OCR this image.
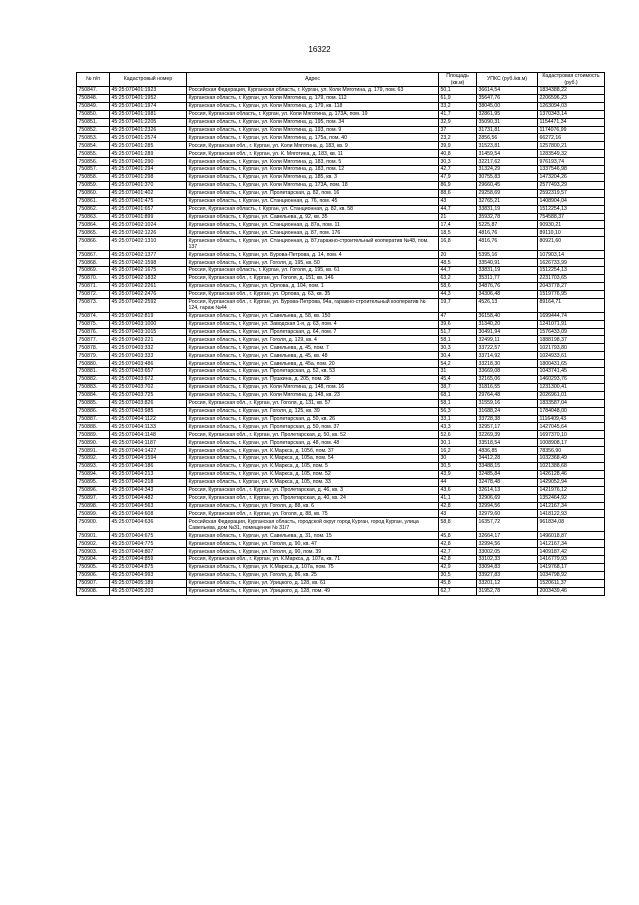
16322
№ п/п	Кадастровый номер	Адрес	Площадь (кв.м)	УПКС (руб./кв.м)	Кадастровая стоимость (руб.)
750847.	45:25:070401:1923	Российская Федерация, Курганская область, г. Курган, ул. Коли Мяготина, д. 179, пом. 63	50,1	36614,54	1834388,22
750848.	45:25:070401:1952	Курганская область, г. Курган, ул. Коли Мяготина, д. 179, пом. 112	61,9	35647,76	2206596,23
750849.	45:25:070401:1974	Курганская область, г. Курган, ул. Коли Мяготина, д. 179, кв. 118	33,2	38045,00	1263094,03
750850.	45:25:070401:1981	Россия, Курганская область, г. Курган, ул. Коли Мяготина, д. 173А, пом. 19	41,7	32861,95	1370343,14
750851.	45:25:070401:2205	Курганская область, г. Курган, ул. Коли Мяготина, д. 195, пом. 34	32,9	35090,31	1154471,34
750852.	45:25:070401:2326	Курганская область, г. Курган, ул. Коли Мяготина, д. 193, пом. 9	37	31731,81	1174076,99
750853.	45:25:070401:2574	Курганская область, г. Курган, ул. Коли Мяготина, д. 175а, пом. 40	23,2	2856,56	66272,16
750854.	45:25:070401:285	Россия, Курганская обл., г. Курган, ул. Коли Мяготина, д. 183, кв. 9	39,9	31523,81	1257800,21
750855.	45:25:070401:289	Россия, Курганская обл., г. Курган, ул. К. Мяготина, д. 183, кв. 11	40,8	31459,54	1283549,32
750856.	45:25:070401:290	Курганская область, г. Курган, ул. Коли Мяготина, д. 183, пом. 5	30,3	32217,62	976193,74
750857.	45:25:070401:294	Курганская область, г. Курган, ул. Коли Мяготина, д. 183, пом. 12	42,7	31324,29	1337546,98
750858.	45:25:070401:298	Курганская область, г. Курган, ул. Коли Мяготина, д. 185, кв. 3	47,9	30755,83	1473204,26
750859.	45:25:070401:370	Курганская область, г. Курган, ул. Коли Мяготина, д. 173А, пом. 18	86,9	29660,45	2577493,29
750860.	45:25:070401:402	Курганская область, г. Курган, ул. Пролетарская, д. 82, пом. 16	88,6	29258,69	2592319,57
750861.	45:25:070401:475	Курганская область, г. Курган, ул. Станционная, д. 76, пом. 45	43	32765,21	1408904,04
750862.	45:25:070401:657	Россия, Курганская область, г. Курган, ул. Станционная, д. 82, кв. 58	44,7	33831,19	1512254,13
750863.	45:25:070401:899	Курганская область, г. Курган, ул. Савельева, д. 92, кв. 35	21	35932,78	754588,37
750864.	45:25:070402:1024	Курганская область, г. Курган, ул. Станционная, д. 87а, пом. 11	17,4	5225,87	90930,21
750865.	45:25:070402:1226	Курганская область, г. Курган, ул. Станционная, д. 87, пом. 176	18,5	4816,76	89110,10
750866.	45:25:070402:1310	Курганская область, г. Курган, ул. Станционная, д. 87,гаражно-строительный кооператив №48, пом. 137	16,8	4816,76	80921,60
750867.	45:25:070402:1377	Курганская область, г. Курган, ул. Бурова-Петрова, д. 14, пом. 4	20	5395,16	107903,14
750868.	45:25:070402:1598	Курганская область, г. Курган, ул. Гоголя, д. 195, кв. 50	48,5	33540,91	1626733,99
750869.	45:25:070402:1675	Россия, Курганская область, г. Курган, ул. Гоголя, д. 195, кв. 61	44,7	33831,19	1512254,13
750870.	45:25:070402:1832	Россия, Курганская обл., г. Курган, ул. Гоголя, д. 151, кв. 146	63,2	35311,77	2231703,65
750871.	45:25:070402:2261	Курганская область, г. Курган, ул. Орлова, д. 104, пом. 1	58,6	34876,76	2043778,27
750872.	45:25:070402:2476	Россия, Курганская обл., г. Курган, ул. Орлова, д. 63, кв. 35	44,3	34306,48	1519776,95
750873.	45:25:070402:2592	Россия, Курганская обл., г. Курган, ул. Бурова-Петрова, 94а, гаражно-строительный кооператив № 124, гараж №44	19,7	4526,13	89164,71
750874.	45:25:070402:819	Курганская область, г. Курган, ул. Савельева, д. 58, кв. 150	47	36158,40	1699444,74
750875.	45:25:070403:1000	Курганская область, г. Курган, ул. Заводская 1-я, д. 63, пом. 4	39,6	31340,20	1241071,91
750876.	45:25:070403:1015	Курганская область, г. Курган, ул. Пролетарская, д. 64, пом. 7	51,7	30491,94	1576433,09
750877.	45:25:070403:221	Курганская область, г. Курган, ул. Гоголя, д. 129, кв. 4	58,1	32499,11	1888198,37
750878.	45:25:070403:332	Курганская область, г. Курган, ул. Савельева, д. 45, пом. 7	30,3	33722,57	1021793,80
750879.	45:25:070403:333	Курганская область, г. Курган, ул. Савельева, д. 45, кв. 48	30,4	33714,92	1024933,61
750880.	45:25:070403:486	Курганская область, г. Курган, ул. Савельева, д. 45а, пом. 20	54,2	33218,30	1800431,65
750881.	45:25:070403:657	Курганская область, г. Курган, ул. Пролетарская, д. 52, кв. 53	31	33669,08	1043741,45
750882.	45:25:070403:672	Курганская область, г. Курган, ул. Пушкина, д. 205, пом. 28	45,4	32165,06	1460293,76
750883.	45:25:070403:702	Курганская область, г. Курган, ул. Коли Мяготина, д. 148, пом. 16	38,7	31816,55	1231300,41
750884.	45:25:070403:725	Курганская область, г. Курган, ул. Коли Мяготина, д. 148, кв. 23	68,1	29764,48	2026961,01
750885.	45:25:070403:826	Россия, Курганская обл., г. Курган, ул. Гоголя, д. 131, кв. 57	58,1	31559,16	1833587,04
750886.	45:25:070403:985	Курганская область, г. Курган, ул. Гоголя, д. 125, кв. 39	56,3	31688,24	1784048,00
750887.	45:25:070404:1122	Курганская область, г. Курган, ул. Пролетарская, д. 50, кв. 26	33,1	33728,38	1116409,43
750888.	45:25:070404:1133	Курганская область, г. Курган, ул. Пролетарская, д. 50, пом. 37	43,3	32957,17	1427045,64
750889.	45:25:070404:1148	Россия, Курганская обл., г. Курган, ул. Пролетарская, д. 50, кв. 52	52,6	32269,39	1697370,10
750890.	45:25:070404:1187	Курганская область, г. Курган, ул. Пролетарская, д. 48, пом. 48	30,1	33518,54	1008908,17
750891.	45:25:070404:1427	Курганская область, г. Курган, ул. К.Маркса, д. 105б, пом. 37	16,2	4836,85	78356,90
750892.	45:25:070404:1594	Курганская область, г. Курган, ул. К.Маркса, д. 105а, пом. 54	30	34412,28	1032368,49
750893.	45:25:070404:186	Курганская область, г. Курган, ул. К.Маркса, д. 105, пом. 5	30,5	33488,15	1021388,68
750894.	45:25:070404:213	Курганская область, г. Курган, ул. К.Маркса, д. 105, пом. 52	43,9	32485,84	1426128,46
750895.	45:25:070404:218	Курганская область, г. Курган, ул. К.Маркса, д. 105, пом. 33	44	32478,48	1429052,94
750896.	45:25:070404:343	Россия, Курганская обл., г. Курган, ул. Пролетарская, д. 46, кв. 3	43,6	32614,13	1421976,12
750897.	45:25:070404:482	Россия, Курганская обл., г. Курган, ул. Пролетарская, д. 40, кв. 24	41,1	32906,69	1352464,92
750898.	45:25:070404:563	Курганская область, г. Курган, ул. Гоголя, д. 88, кв. 6	42,8	32994,56	1412167,34
750899.	45:25:070404:608	Россия, Курганская обл., г. Курган, ул. Гоголя, д. 88, кв. 75	43	32979,60	1418122,93
750900.	45:25:070404:636	Российская Федерация, Курганская область, городской округ город Курган, город Курган, улица Савельева, дом №31, помещение № 31/7	58,8	16357,72	961834,08
750901.	45:25:070404:675	Курганская область, г. Курган, ул. Савельева, д. 31, пом. 15	45,8	32664,17	1496018,87
750902.	45:25:070404:775	Курганская область, г. Курган, ул. Гоголя, д. 90, кв. 47	42,8	32994,56	1412167,34
750903.	45:25:070404:807	Курганская область, г. Курган, ул. Гоголя, д. 90, пом. 39	42,7	33002,05	1409187,42
750904.	45:25:070404:859	Россия, Курганская обл., г. Курган, ул. К.Маркса, д. 107а, кв. 71	42,8	33102,33	1416779,93
750905.	45:25:070404:875	Курганская область, г. Курган, ул. К.Маркса, д. 107а, пом. 75	42,9	33094,83	1419768,17
750906.	45:25:070404:993	Курганская область, г. Курган, ул. Гоголя, д. 86, кв. 25	30,5	33927,83	1034798,92
750907.	45:25:070405:189	Курганская область, г. Курган, ул. Урицкого, д. 128, кв. 61	45,8	33201,12	1520611,37
750908.	45:25:070405:203	Курганская область, г. Курган, ул. Урицкого, д. 128, пом. 49	62,7	31952,78	2003439,46
